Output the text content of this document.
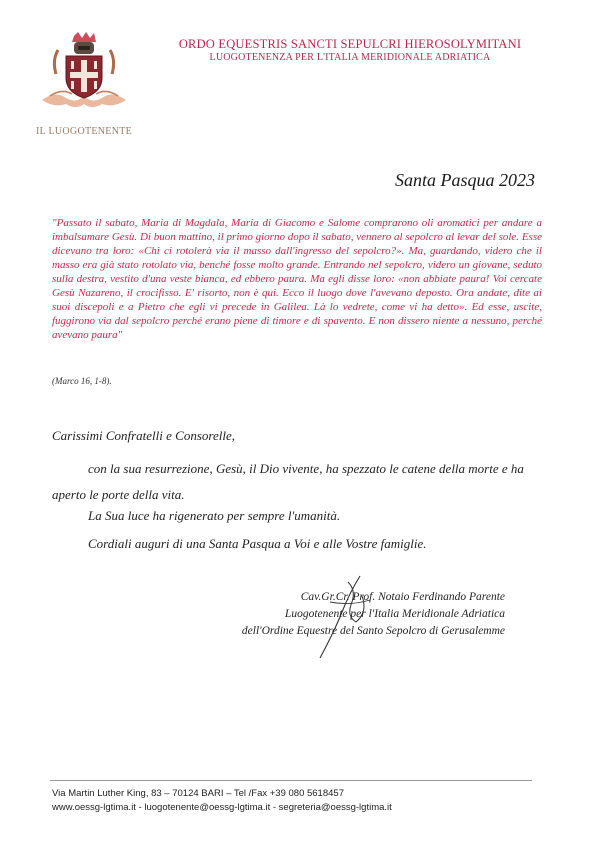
ORDO EQUESTRIS SANCTI SEPULCRI HIEROSOLYMITANI
LUOGOTENENZA PER L'ITALIA MERIDIONALE ADRIATICA
IL LUOGOTENENTE
Santa Pasqua 2023

"Passato il sabato, Maria di Magdala, Maria di Giacomo e Salome comprarono oli aromatici per andare a imbalsamare Gesù. Di buon mattino, il primo giorno dopo il sabato, vennero al sepolcro al levar del sole. Esse dicevano tra loro: «Chi ci rotolerà via il masso dall'ingresso del sepolcro?». Ma, guardando, videro che il masso era già stato rotolato via, benché fosse molto grande. Entrando nel sepolcro, videro un giovane, seduto sulla destra, vestito d'una veste bianca, ed ebbero paura. Ma egli disse loro: «non abbiate paura! Voi cercate Gesù Nazareno, il crocifisso. E' risorto, non è qui. Ecco il luogo dove l'avevano deposto. Ora andate, dite ai suoi discepoli e a Pietro che egli vi precede in Galilea. Là lo vedrete, come vi ha detto». Ed esse, uscite, fuggirono via dal sepolcro perché erano piene di timore e di spavento. E non dissero niente a nessuno, perché avevano paura"

(Marco 16, 1-8).

Carissimi Confratelli e Consorelle,

con la sua resurrezione, Gesù, il Dio vivente, ha spezzato le catene della morte e ha aperto le porte della vita.

La Sua luce ha rigenerato per sempre l'umanità.

Cordiali auguri di una Santa Pasqua a Voi e alle Vostre famiglie.

Cav.Gr.Cr. Prof. Notaio Ferdinando Parente
Luogotenente per l'Italia Meridionale Adriatica
dell'Ordine Equestre del Santo Sepolcro di Gerusalemme
Via Martin Luther King, 83 – 70124 BARI – Tel /Fax +39 080 5618457
www.oessg-lgtima.it - luogotenente@oessg-lgtima.it - segreteria@oessg-lgtima.it
